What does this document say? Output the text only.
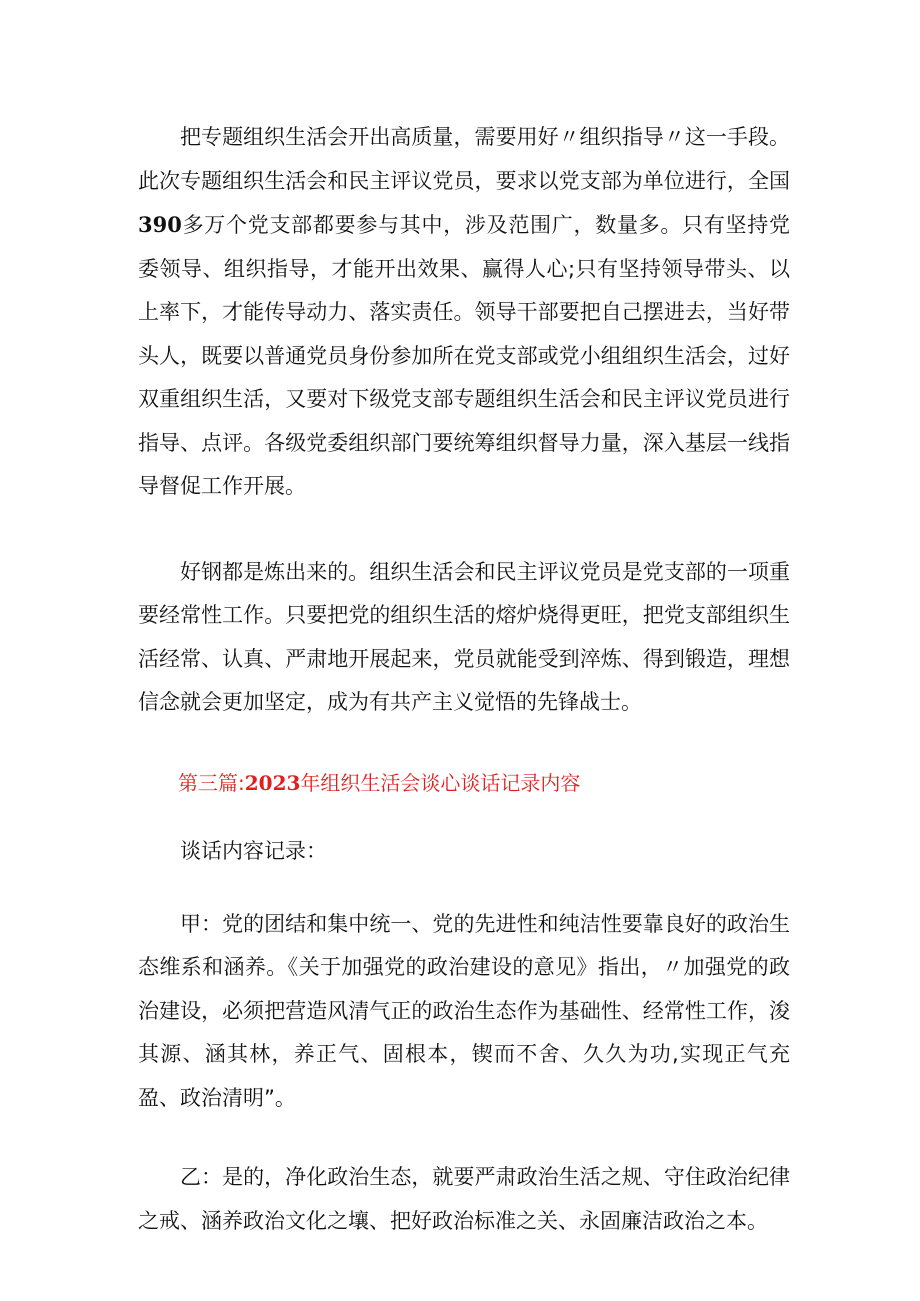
把专题组织生活会开出高质量，需要用好〃组织指导〃这一手段。此次专题组织生活会和民主评议党员，要求以党支部为单位进行，全国390多万个党支部都要参与其中，涉及范围广，数量多。只有坚持党委领导、组织指导，才能开出效果、赢得人心;只有坚持领导带头、以上率下，才能传导动力、落实责任。领导干部要把自己摆进去，当好带头人，既要以普通党员身份参加所在党支部或党小组组织生活会，过好双重组织生活，又要对下级党支部专题组织生活会和民主评议党员进行指导、点评。各级党委组织部门要统筹组织督导力量，深入基层一线指导督促工作开展。

好钢都是炼出来的。组织生活会和民主评议党员是党支部的一项重要经常性工作。只要把党的组织生活的熔炉烧得更旺，把党支部组织生活经常、认真、严肃地开展起来，党员就能受到淬炼、得到锻造，理想信念就会更加坚定，成为有共产主义觉悟的先锋战士。

第三篇:2023年组织生活会谈心谈话记录内容

谈话内容记录：

甲：党的团结和集中统一、党的先进性和纯洁性要靠良好的政治生态维系和涵养。《关于加强党的政治建设的意见》指出，〃加强党的政治建设，必须把营造风清气正的政治生态作为基础性、经常性工作，浚其源、涵其林，养正气、固根本，锲而不舍、久久为功,实现正气充盈、政治清明”。

乙：是的，净化政治生态，就要严肃政治生活之规、守住政治纪律之戒、涵养政治文化之壤、把好政治标准之关、永固廉洁政治之本。
